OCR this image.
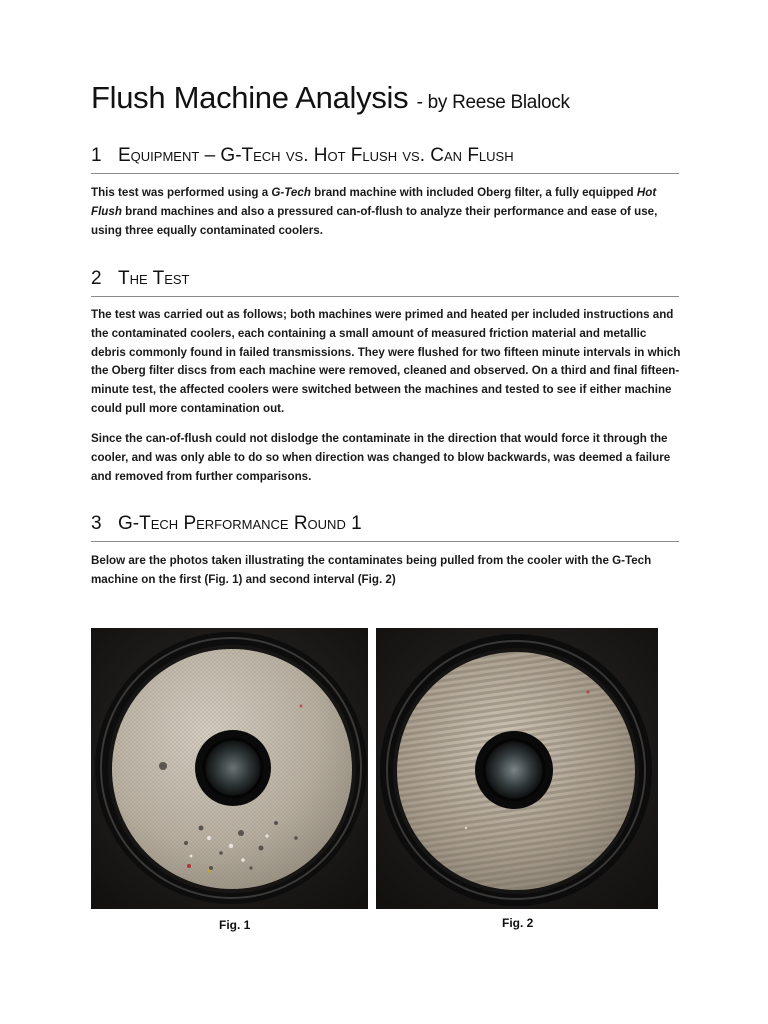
Flush Machine Analysis - by Reese Blalock
1 Equipment – G-Tech vs. Hot Flush vs. Can Flush

This test was performed using a G-Tech brand machine with included Oberg filter, a fully equipped Hot Flush brand machines and also a pressured can-of-flush to analyze their performance and ease of use, using three equally contaminated coolers.

2 The Test

The test was carried out as follows; both machines were primed and heated per included instructions and the contaminated coolers, each containing a small amount of measured friction material and metallic debris commonly found in failed transmissions. They were flushed for two fifteen minute intervals in which the Oberg filter discs from each machine were removed, cleaned and observed. On a third and final fifteen-minute test, the affected coolers were switched between the machines and tested to see if either machine could pull more contamination out.

Since the can-of-flush could not dislodge the contaminate in the direction that would force it through the cooler, and was only able to do so when direction was changed to blow backwards, was deemed a failure and removed from further comparisons.

3 G-Tech Performance Round 1

Below are the photos taken illustrating the contaminates being pulled from the cooler with the G-Tech machine on the first (Fig. 1) and second interval (Fig. 2)

Fig. 1	Fig. 2
